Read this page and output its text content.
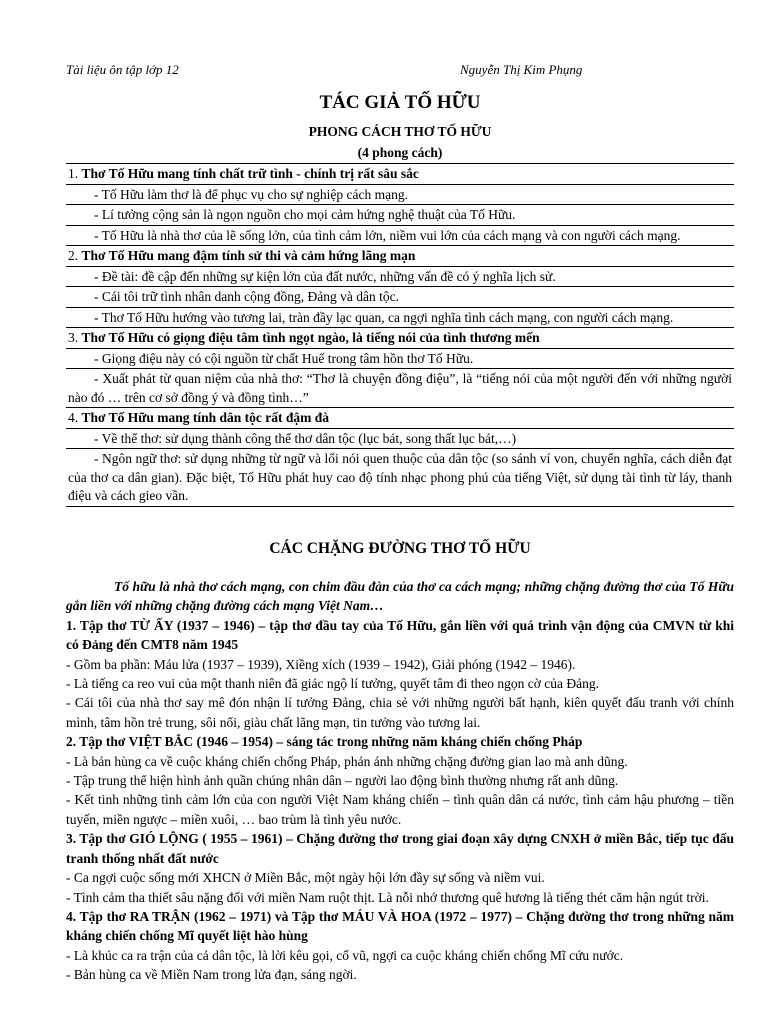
Tài liệu ôn tập lớp 12	Nguyễn Thị Kim Phụng
TÁC GIẢ TỐ HỮU
PHONG CÁCH THƠ TỐ HỮU
(4 phong cách)
1. Thơ Tố Hữu mang tính chất trữ tình - chính trị rất sâu sắc
- Tố Hữu làm thơ là để phục vụ cho sự nghiệp cách mạng.
- Lí tưởng cộng sản là ngọn nguồn cho mọi cảm hứng nghệ thuật của Tố Hữu.
- Tố Hữu là nhà thơ của lẽ sống lớn, của tình cảm lớn, niềm vui lớn của cách mạng và con người cách mạng.
2. Thơ Tố Hữu mang đậm tính sử thi và cảm hứng lãng mạn
- Đề tài: đề cập đến những sự kiện lớn của đất nước, những vấn đề có ý nghĩa lịch sử.
- Cái tôi trữ tình nhân danh cộng đồng, Đảng và dân tộc.
- Thơ Tố Hữu hướng vào tương lai, tràn đầy lạc quan, ca ngợi nghĩa tình cách mạng, con người cách mạng.
3. Thơ Tố Hữu có giọng điệu tâm tình ngọt ngào, là tiếng nói của tình thương mến
- Giọng điệu này có cội nguồn từ chất Huế trong tâm hồn thơ Tố Hữu.
- Xuất phát từ quan niệm của nhà thơ: “Thơ là chuyện đồng điệu”, là “tiếng nói của một người đến với những người nào đó … trên cơ sở đồng ý và đồng tình…”
4. Thơ Tố Hữu mang tính dân tộc rất đậm đà
- Về thể thơ: sử dụng thành công thể thơ dân tộc (lục bát, song thất lục bát,…)
- Ngôn ngữ thơ: sử dụng những từ ngữ và lối nói quen thuộc của dân tộc (so sánh ví von, chuyển nghĩa, cách diễn đạt của thơ ca dân gian). Đặc biệt, Tố Hữu phát huy cao độ tính nhạc phong phú của tiếng Việt, sử dụng tài tình từ láy, thanh điệu và cách gieo vần.
CÁC CHẶNG ĐƯỜNG THƠ TỐ HỮU

Tố hữu là nhà thơ cách mạng, con chim đầu đàn của thơ ca cách mạng; những chặng đường thơ của Tố Hữu gắn liền với những chặng đường cách mạng Việt Nam…

1. Tập thơ TỪ ẤY (1937 – 1946) – tập thơ đầu tay của Tố Hữu, gắn liền với quá trình vận động của CMVN từ khi có Đảng đến CMT8 năm 1945

- Gồm ba phần: Máu lửa (1937 – 1939), Xiềng xích (1939 – 1942), Giải phóng (1942 – 1946).

- Là tiếng ca reo vui của một thanh niên đã giác ngộ lí tưởng, quyết tâm đi theo ngọn cờ của Đảng.

- Cái tôi của nhà thơ say mê đón nhận lí tưởng Đảng, chia sẻ với những người bất hạnh, kiên quyết đấu tranh với chính mình, tâm hồn trẻ trung, sôi nổi, giàu chất lãng mạn, tin tưởng vào tương lai.

2. Tập thơ VIỆT BẮC (1946 – 1954) – sáng tác trong những năm kháng chiến chống Pháp

- Là bản hùng ca về cuộc kháng chiến chống Pháp, phản ánh những chặng đường gian lao mà anh dũng.

- Tập trung thể hiện hình ảnh quần chúng nhân dân – người lao động bình thường nhưng rất anh dũng.

- Kết tinh những tình cảm lớn của con người Việt Nam kháng chiến – tình quân dân cá nước, tình cảm hậu phương – tiền tuyến, miền ngược – miền xuôi, … bao trùm là tình yêu nước.

3. Tập thơ GIÓ LỘNG ( 1955 – 1961) – Chặng đường thơ trong giai đoạn xây dựng CNXH ở miền Bắc, tiếp tục đấu tranh thống nhất đất nước

- Ca ngợi cuộc sống mới XHCN ở Miền Bắc, một ngày hội lớn đầy sự sống và niềm vui.

- Tình cảm tha thiết sâu nặng đối với miền Nam ruột thịt. Là nỗi nhớ thương quê hương là tiếng thét căm hận ngút trời.

4. Tập thơ RA TRẬN (1962 – 1971) và Tập thơ MÁU VÀ HOA (1972 – 1977) – Chặng đường thơ trong những năm kháng chiến chống Mĩ quyết liệt hào hùng

- Là khúc ca ra trận của cả dân tộc, là lời kêu gọi, cổ vũ, ngợi ca cuộc kháng chiến chống Mĩ cứu nước.

- Bản hùng ca về Miền Nam trong lửa đạn, sáng ngời.
